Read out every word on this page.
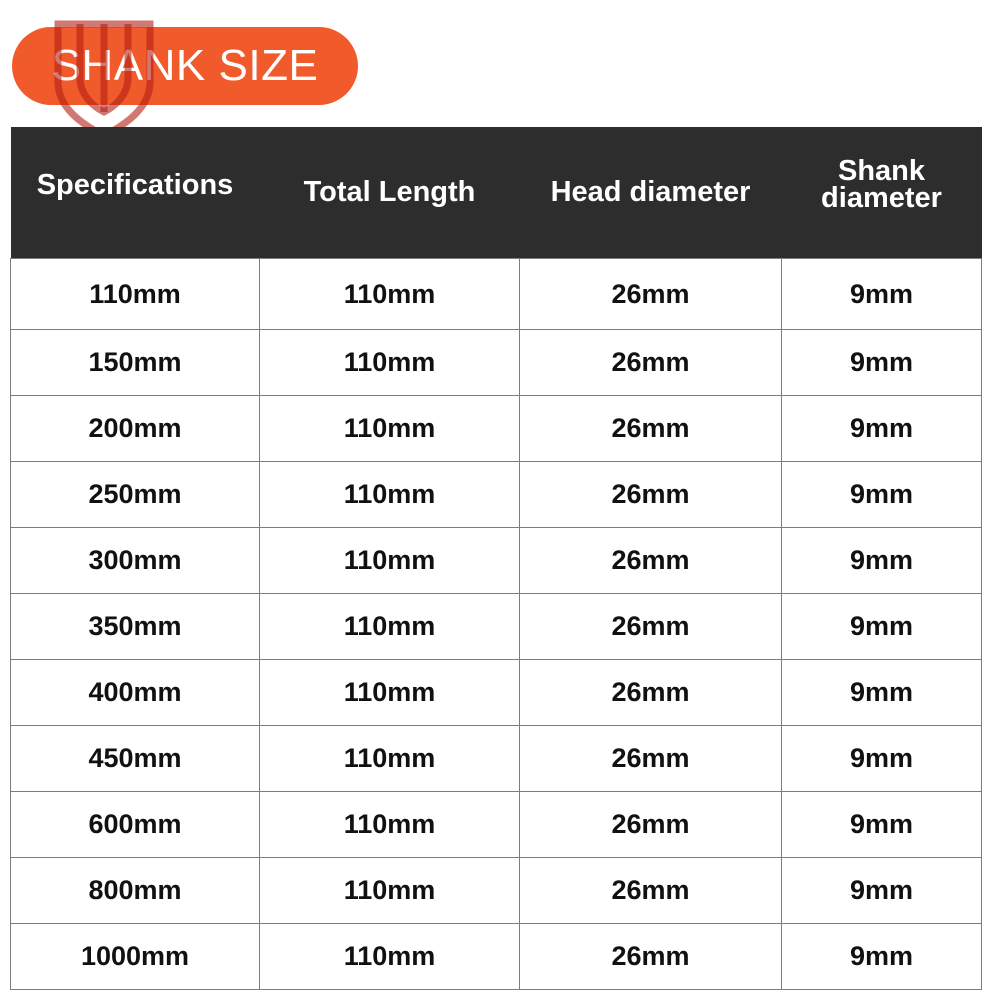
SHANK SIZE
Specifications	Total Length	Head diameter	Shank diameter
110mm	110mm	26mm	9mm
150mm	110mm	26mm	9mm
200mm	110mm	26mm	9mm
250mm	110mm	26mm	9mm
300mm	110mm	26mm	9mm
350mm	110mm	26mm	9mm
400mm	110mm	26mm	9mm
450mm	110mm	26mm	9mm
600mm	110mm	26mm	9mm
800mm	110mm	26mm	9mm
1000mm	110mm	26mm	9mm
